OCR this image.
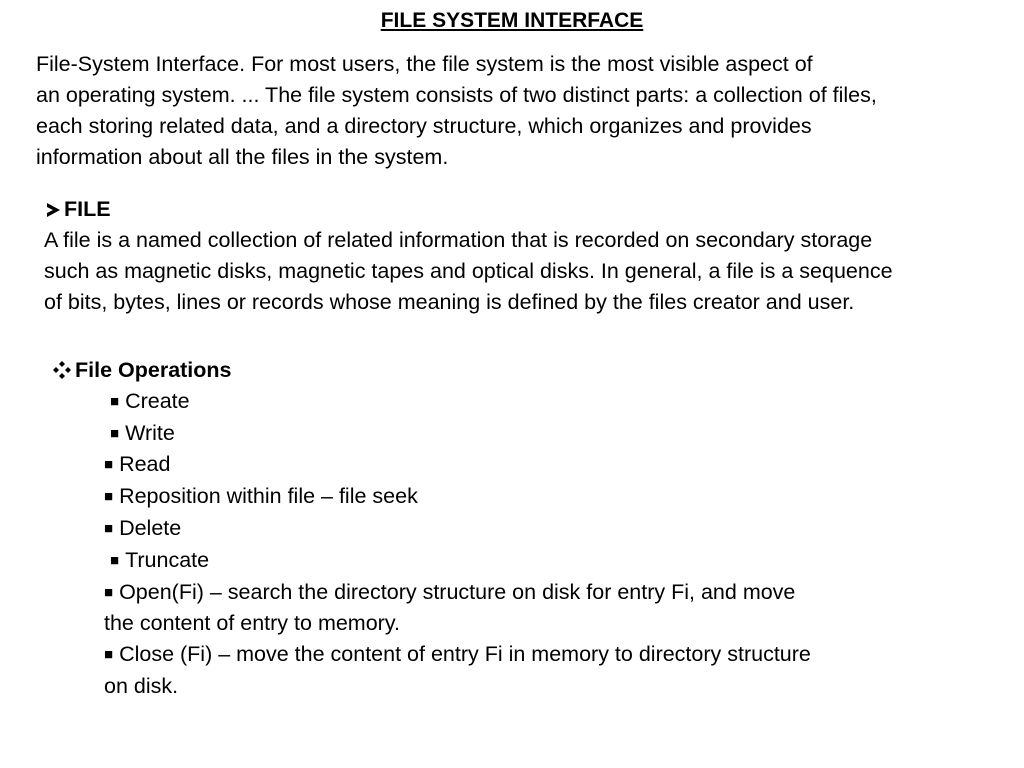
FILE SYSTEM INTERFACE
File-System Interface. For most users, the file system is the most visible aspect of
an operating system. ... The file system consists of two distinct parts: a collection of files,
each storing related data, and a directory structure, which organizes and provides
information about all the files in the system.
FILE
A file is a named collection of related information that is recorded on secondary storage
such as magnetic disks, magnetic tapes and optical disks. In general, a file is a sequence
of bits, bytes, lines or records whose meaning is defined by the files creator and user.
File Operations
■ Create
■ Write
■ Read
■ Reposition within file – file seek
■ Delete
■ Truncate
■ Open(Fi) – search the directory structure on disk for entry Fi, and move
the content of entry to memory.
■ Close (Fi) – move the content of entry Fi in memory to directory structure
on disk.
